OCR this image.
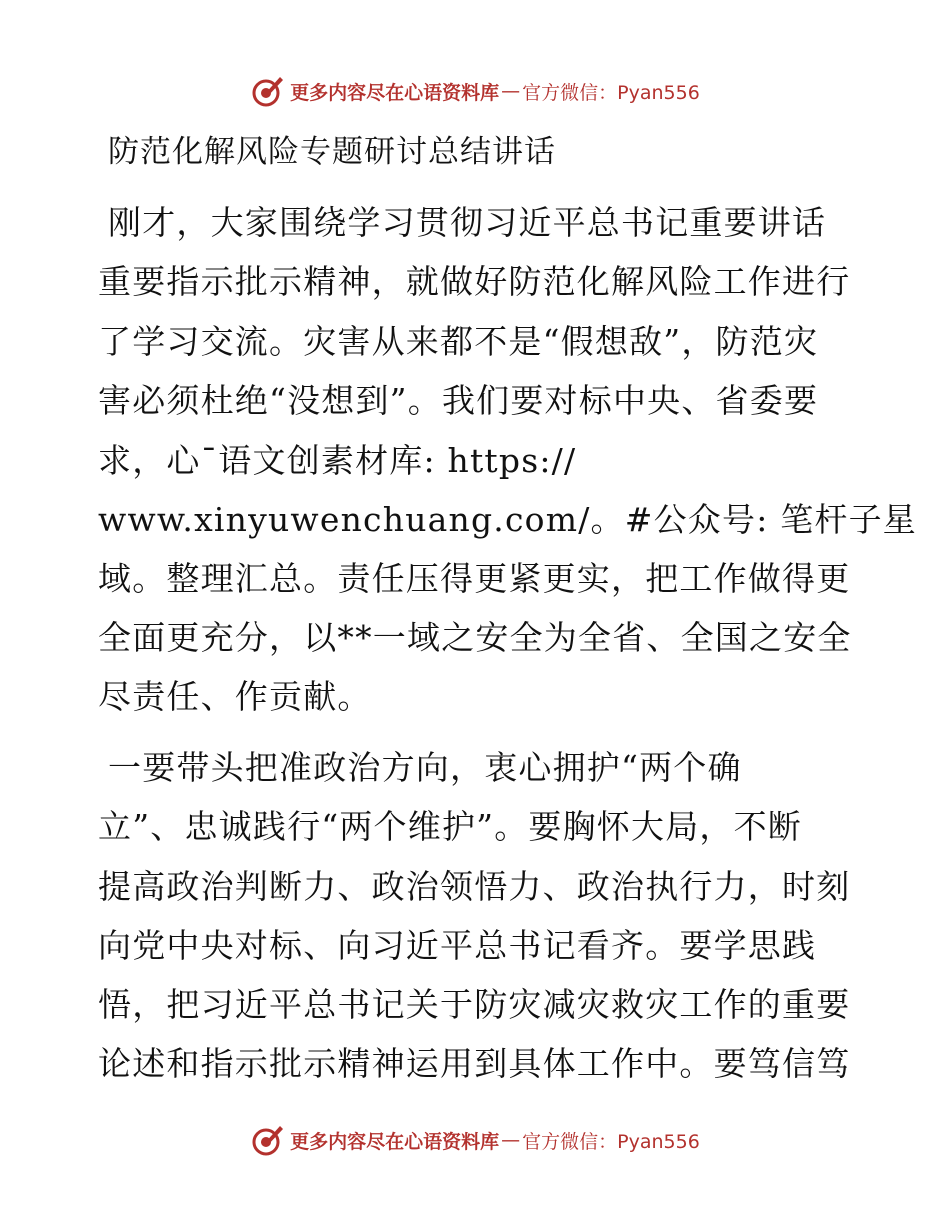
更多内容尽在心语资料库 — 官方微信：Pyan556
防范化解风险专题研讨总结讲话
刚才，大家围绕学习贯彻习近平总书记重要讲话
重要指示批示精神，就做好防范化解风险工作进行
了学习交流。灾害从来都不是“假想敌”，防范灾
害必须杜绝“没想到”。我们要对标中央、省委要
求，心¯语文创素材库: https://
www.xinyuwenchuang.com/。#公众号: 笔杆子星
域。整理汇总。责任压得更紧更实，把工作做得更
全面更充分，以**一域之安全为全省、全国之安全
尽责任、作贡献。
一要带头把准政治方向，衷心拥护“两个确
立”、忠诚践行“两个维护”。要胸怀大局，不断
提高政治判断力、政治领悟力、政治执行力，时刻
向党中央对标、向习近平总书记看齐。要学思践
悟，把习近平总书记关于防灾减灾救灾工作的重要
论述和指示批示精神运用到具体工作中。要笃信笃
更多内容尽在心语资料库 — 官方微信：Pyan556
